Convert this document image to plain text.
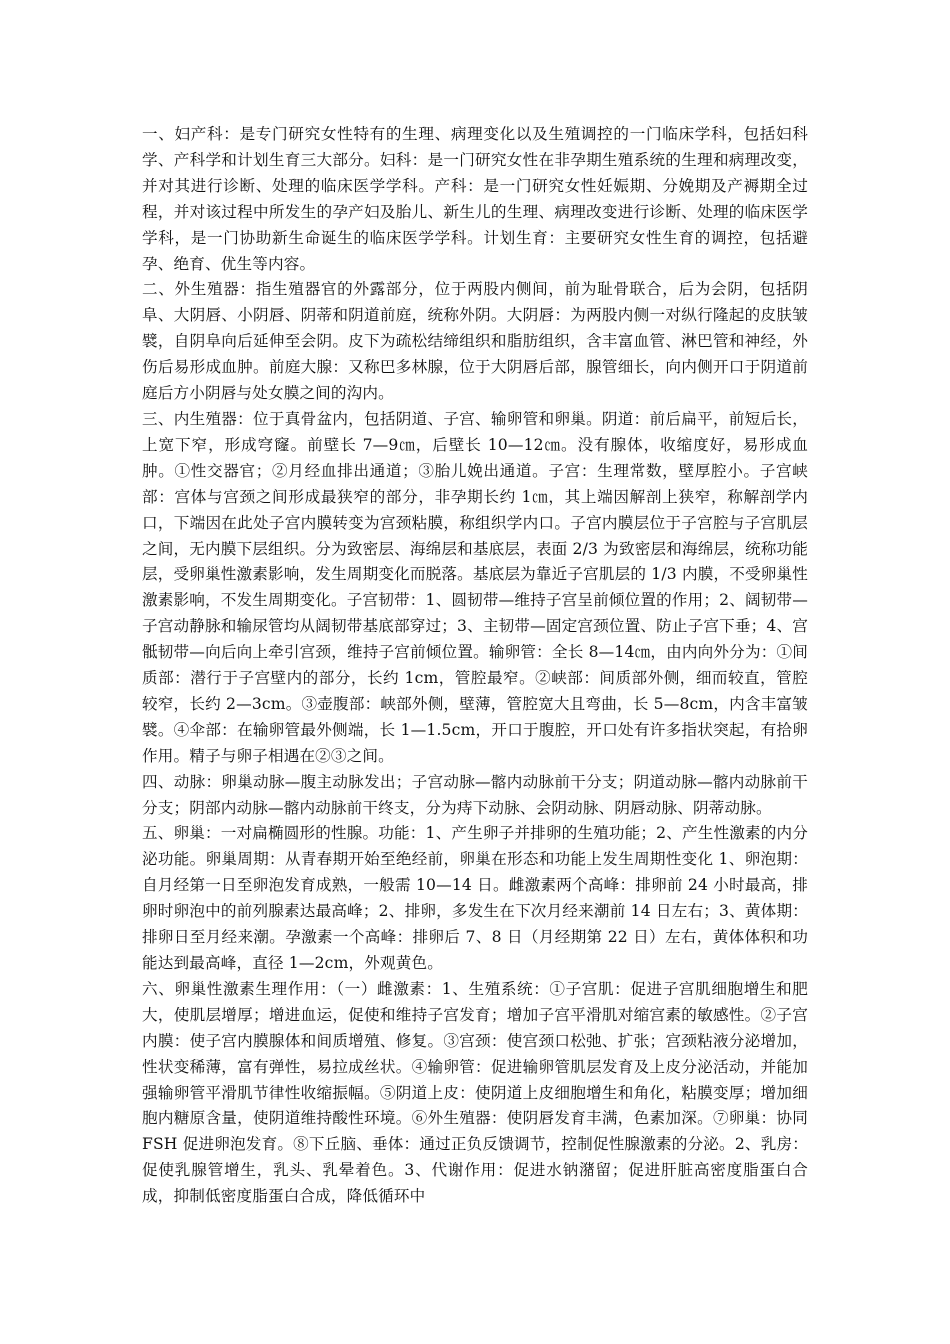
一、妇产科：是专门研究女性特有的生理、病理变化以及生殖调控的一门临床学科，包括妇科学、产科学和计划生育三大部分。妇科：是一门研究女性在非孕期生殖系统的生理和病理改变，并对其进行诊断、处理的临床医学学科。产科：是一门研究女性妊娠期、分娩期及产褥期全过程，并对该过程中所发生的孕产妇及胎儿、新生儿的生理、病理改变进行诊断、处理的临床医学学科，是一门协助新生命诞生的临床医学学科。计划生育：主要研究女性生育的调控，包括避孕、绝育、优生等内容。

二、外生殖器：指生殖器官的外露部分，位于两股内侧间，前为耻骨联合，后为会阴，包括阴阜、大阴唇、小阴唇、阴蒂和阴道前庭，统称外阴。大阴唇：为两股内侧一对纵行隆起的皮肤皱襞，自阴阜向后延伸至会阴。皮下为疏松结缔组织和脂肪组织，含丰富血管、淋巴管和神经，外伤后易形成血肿。前庭大腺：又称巴多林腺，位于大阴唇后部，腺管细长，向内侧开口于阴道前庭后方小阴唇与处女膜之间的沟内。

三、内生殖器：位于真骨盆内，包括阴道、子宫、输卵管和卵巢。阴道：前后扁平，前短后长，上宽下窄，形成穹窿。前壁长 7—9㎝，后壁长 10—12㎝。没有腺体，收缩度好，易形成血肿。①性交器官；②月经血排出通道；③胎儿娩出通道。子宫：生理常数，壁厚腔小。子宫峡部：宫体与宫颈之间形成最狭窄的部分，非孕期长约 1㎝，其上端因解剖上狭窄，称解剖学内口，下端因在此处子宫内膜转变为宫颈粘膜，称组织学内口。子宫内膜层位于子宫腔与子宫肌层之间，无内膜下层组织。分为致密层、海绵层和基底层，表面 2/3 为致密层和海绵层，统称功能层，受卵巢性激素影响，发生周期变化而脱落。基底层为靠近子宫肌层的 1/3 内膜，不受卵巢性激素影响，不发生周期变化。子宫韧带：1、圆韧带—维持子宫呈前倾位置的作用；2、阔韧带—子宫动静脉和输尿管均从阔韧带基底部穿过；3、主韧带—固定宫颈位置、防止子宫下垂；4、宫骶韧带—向后向上牵引宫颈，维持子宫前倾位置。输卵管：全长 8—14㎝，由内向外分为：①间质部：潜行于子宫壁内的部分，长约 1cm，管腔最窄。②峡部：间质部外侧，细而较直，管腔较窄，长约 2—3cm。③壶腹部：峡部外侧，壁薄，管腔宽大且弯曲，长 5—8cm，内含丰富皱襞。④伞部：在输卵管最外侧端，长 1—1.5cm，开口于腹腔，开口处有许多指状突起，有拾卵作用。精子与卵子相遇在②③之间。

四、动脉：卵巢动脉—腹主动脉发出；子宫动脉—髂内动脉前干分支；阴道动脉—髂内动脉前干分支；阴部内动脉—髂内动脉前干终支，分为痔下动脉、会阴动脉、阴唇动脉、阴蒂动脉。

五、卵巢：一对扁椭圆形的性腺。功能：1、产生卵子并排卵的生殖功能；2、产生性激素的内分泌功能。卵巢周期：从青春期开始至绝经前，卵巢在形态和功能上发生周期性变化 1、卵泡期：自月经第一日至卵泡发育成熟，一般需 10—14 日。雌激素两个高峰：排卵前 24 小时最高，排卵时卵泡中的前列腺素达最高峰；2、排卵，多发生在下次月经来潮前 14 日左右；3、黄体期：排卵日至月经来潮。孕激素一个高峰：排卵后 7、8 日（月经期第 22 日）左右，黄体体积和功能达到最高峰，直径 1—2cm，外观黄色。

六、卵巢性激素生理作用：（一）雌激素：1、生殖系统：①子宫肌：促进子宫肌细胞增生和肥大，使肌层增厚；增进血运，促使和维持子宫发育；增加子宫平滑肌对缩宫素的敏感性。②子宫内膜：使子宫内膜腺体和间质增殖、修复。③宫颈：使宫颈口松弛、扩张；宫颈粘液分泌增加，性状变稀薄，富有弹性，易拉成丝状。④输卵管：促进输卵管肌层发育及上皮分泌活动，并能加强输卵管平滑肌节律性收缩振幅。⑤阴道上皮：使阴道上皮细胞增生和角化，粘膜变厚；增加细胞内糖原含量，使阴道维持酸性环境。⑥外生殖器：使阴唇发育丰满，色素加深。⑦卵巢：协同 FSH 促进卵泡发育。⑧下丘脑、垂体：通过正负反馈调节，控制促性腺激素的分泌。2、乳房：促使乳腺管增生，乳头、乳晕着色。3、代谢作用：促进水钠潴留；促进肝脏高密度脂蛋白合成，抑制低密度脂蛋白合成，降低循环中
